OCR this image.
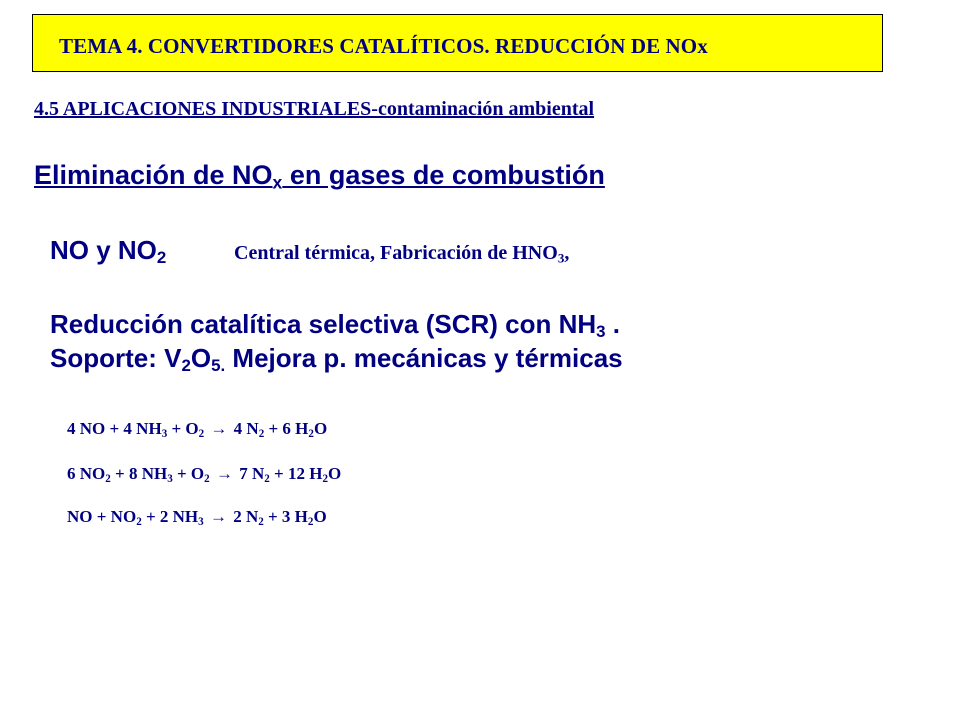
TEMA 4. CONVERTIDORES CATALÍTICOS. REDUCCIÓN DE NOx
4.5 APLICACIONES INDUSTRIALES-contaminación ambiental
Eliminación de $NO_x$ en gases de combustión
NO y $NO_2$	Central térmica, Fabricación de $HNO_3$,
Reducción catalítica selectiva (SCR) con $NH_3$ .
Soporte: $V_2O_{5.}$ Mejora p. mecánicas y térmicas
4 NO + 4 $NH_3 + O_2 \to 4$ $N_2 + 6$ $H_2O$
6 $NO_2 + 8$ $NH_3 + O_2 \to 7$ $N_2 + 12$ $H_2O$
NO + $NO_2 + 2$ $NH_3 \to 2$ $N_2 + 3$ $H_2O$
